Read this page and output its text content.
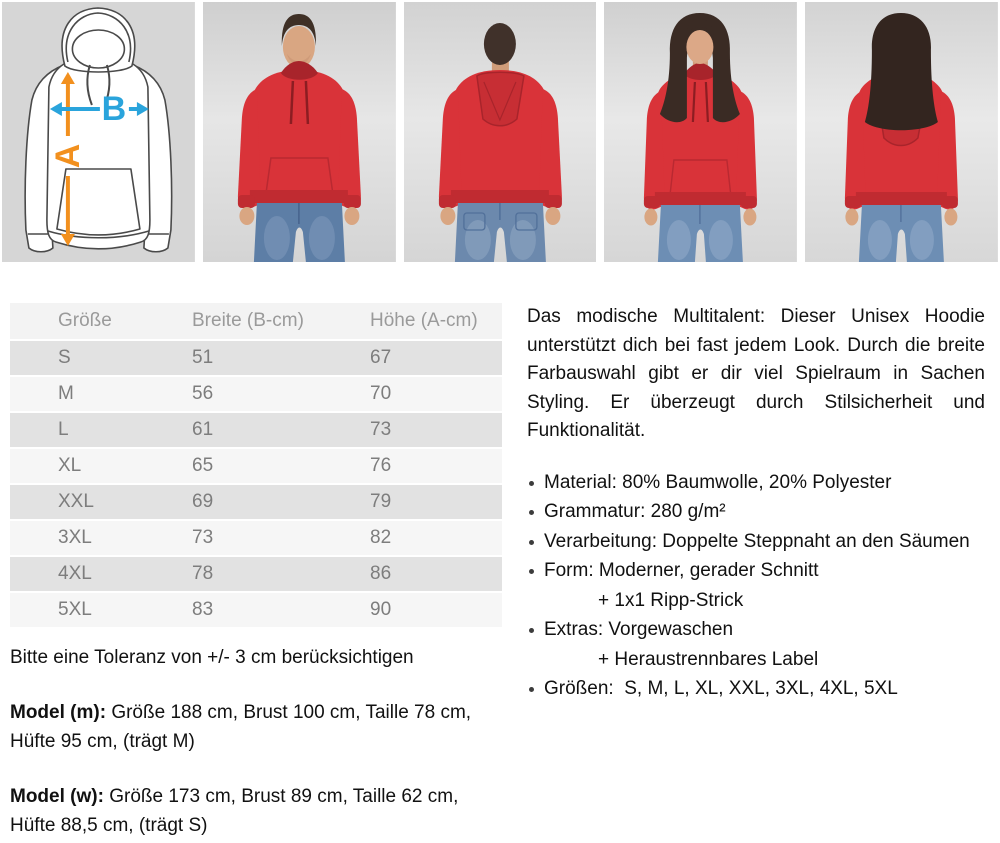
A
B
Größe	Breite (B-cm)	Höhe (A-cm)
S	51	67
M	56	70
L	61	73
XL	65	76
XXL	69	79
3XL	73	82
4XL	78	86
5XL	83	90

Bitte eine Toleranz von +/- 3 cm berücksichtigen

Model (m): Größe 188 cm, Brust 100 cm, Taille 78 cm, Hüfte 95 cm, (trägt M)

Model (w): Größe 173 cm, Brust 89 cm, Taille 62 cm, Hüfte 88,5 cm, (trägt S)

Das modische Multitalent: Dieser Unisex Hoodie unterstützt dich bei fast jedem Look. Durch die breite Farbauswahl gibt er dir viel Spielraum in Sachen Styling. Er überzeugt durch Stilsicherheit und Funktionalität.

Material: 80% Baumwolle, 20% Polyester
Grammatur: 280 g/m²
Verarbeitung: Doppelte Steppnaht an den Säumen
Form: Moderner, gerader Schnitt
+ 1x1 Ripp-Strick
Extras: Vorgewaschen
+ Heraustrennbares Label
Größen:  S, M, L, XL, XXL, 3XL, 4XL, 5XL
